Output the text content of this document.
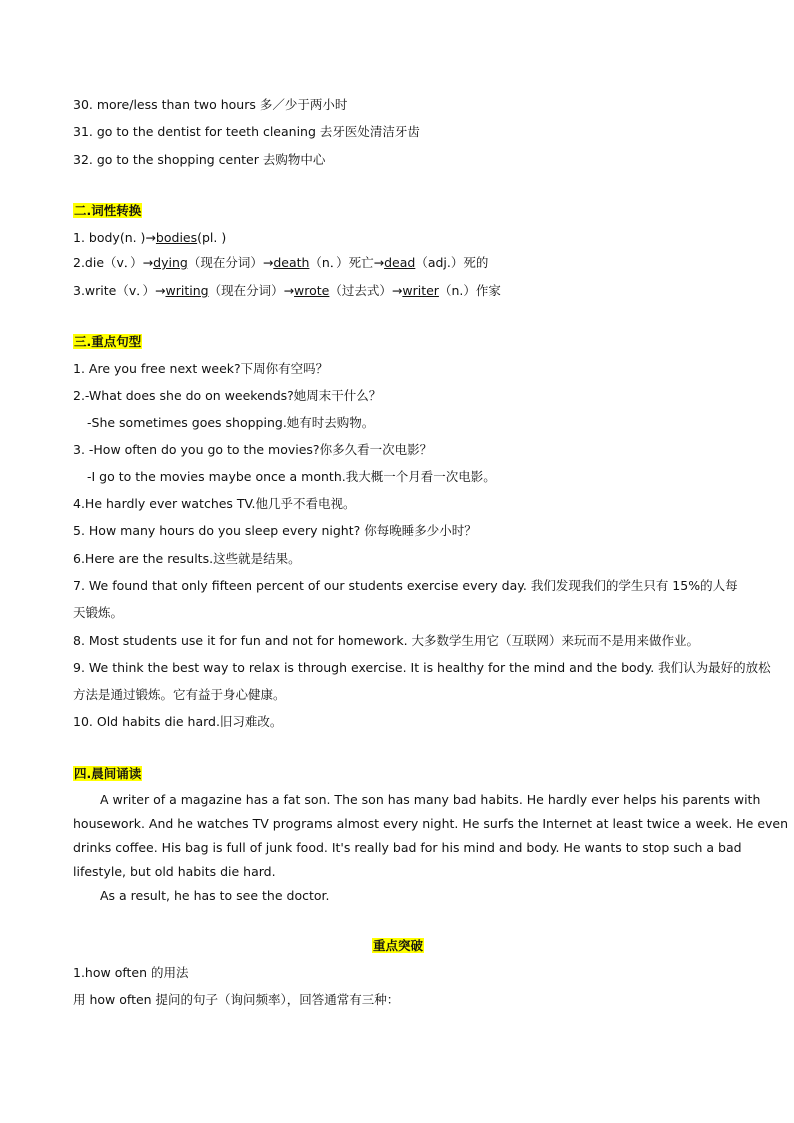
30. more/less than two hours 多／少于两小时
31. go to the dentist for teeth cleaning 去牙医处清洁牙齿
32. go to the shopping center 去购物中心
二.词性转换
1. body(n. )→bodies(pl. )
2.die（v．）→dying（现在分词）→death（n．）死亡→dead（adj.）死的
3.write（v．）→writing（现在分词）→wrote（过去式）→writer（n.）作家
三.重点句型
1. Are you free next week?下周你有空吗？
2.-What does she do on weekends?她周末干什么？
-She sometimes goes shopping.她有时去购物。
3. -How often do you go to the movies?你多久看一次电影？
-I go to the movies maybe once a month.我大概一个月看一次电影。
4.He hardly ever watches TV.他几乎不看电视。
5. How many hours do you sleep every night? 你每晚睡多少小时？
6.Here are the results.这些就是结果。
7. We found that only fifteen percent of our students exercise every day. 我们发现我们的学生只有 15%的人每
天锻炼。
8. Most students use it for fun and not for homework. 大多数学生用它（互联网）来玩而不是用来做作业。
9. We think the best way to relax is through exercise. It is healthy for the mind and the body. 我们认为最好的放松
方法是通过锻炼。它有益于身心健康。
10. Old habits die hard.旧习难改。
四.晨间诵读
A writer of a magazine has a fat son. The son has many bad habits. He hardly ever helps his parents with
housework. And he watches TV programs almost every night. He surfs the Internet at least twice a week. He even
drinks coffee. His bag is full of junk food. It's really bad for his mind and body. He wants to stop such a bad
lifestyle, but old habits die hard.
As a result, he has to see the doctor.
重点突破
1.how often 的用法
用 how often 提问的句子（询问频率），回答通常有三种：
